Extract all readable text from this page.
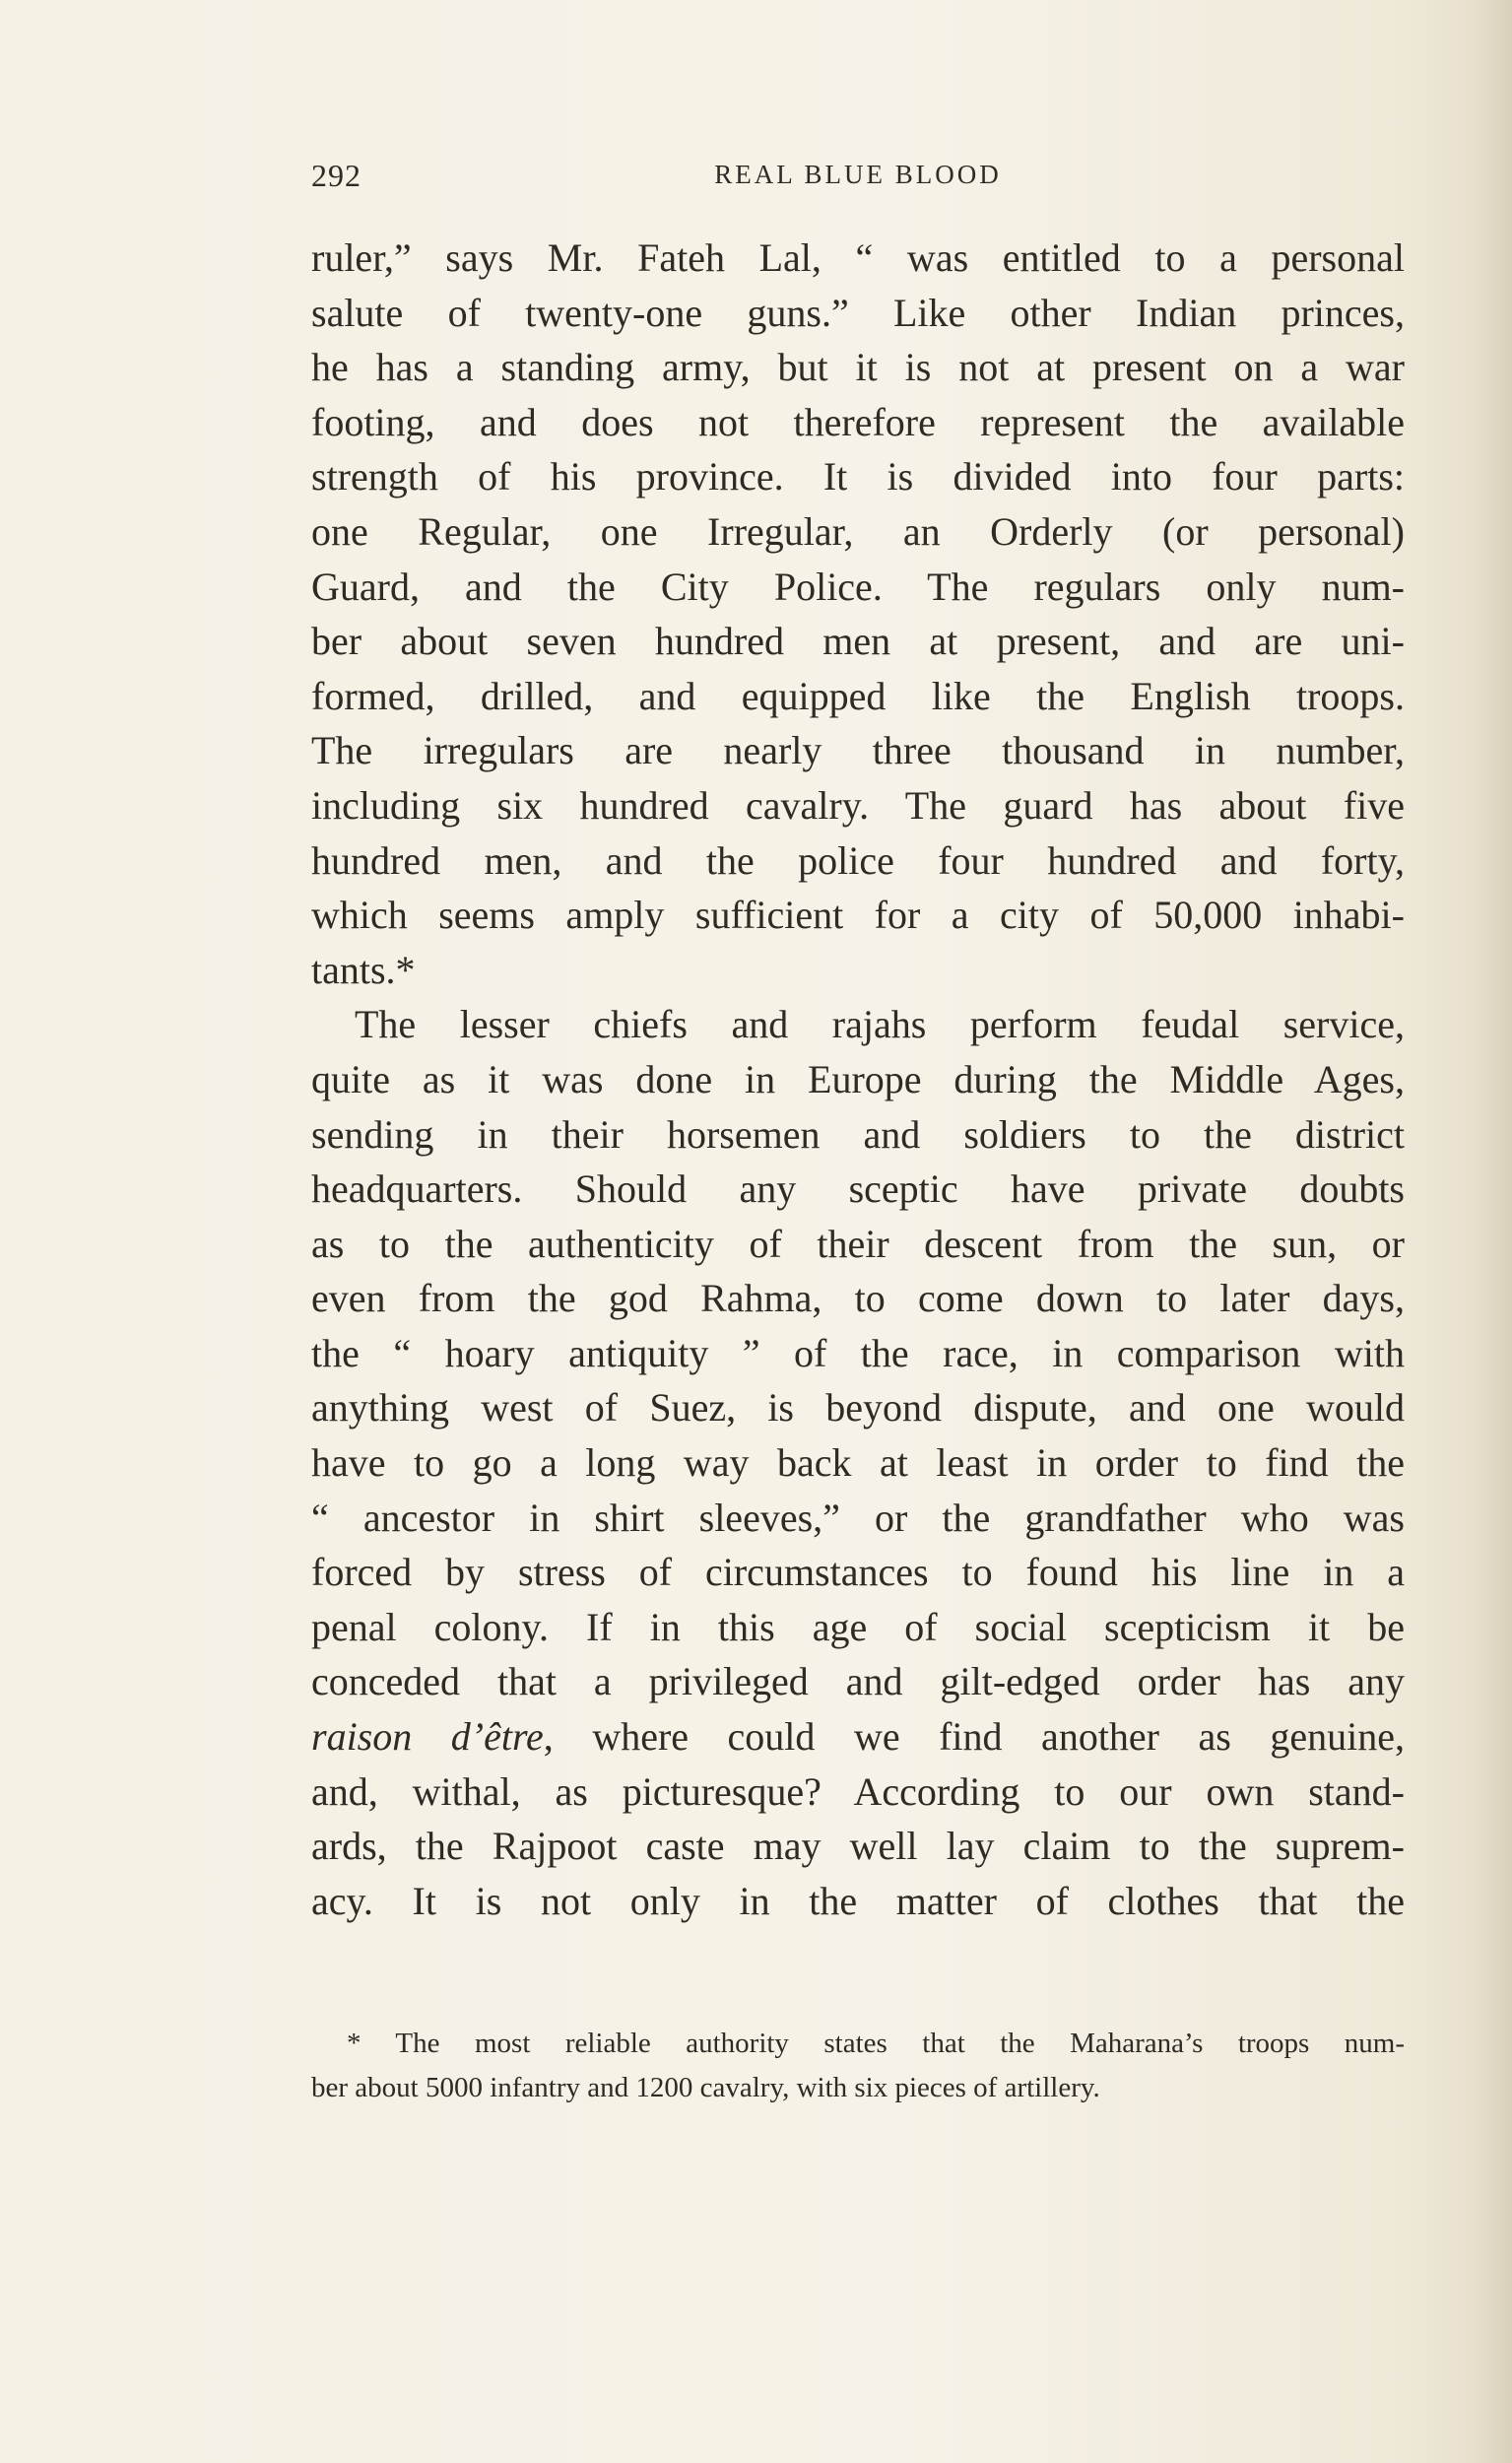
292	REAL BLUE BLOOD
ruler,” says Mr. Fateh Lal, “ was entitled to a personal
salute of twenty-one guns.” Like other Indian princes,
he has a standing army, but it is not at present on a war
footing, and does not therefore represent the available
strength of his province. It is divided into four parts:
one Regular, one Irregular, an Orderly (or personal)
Guard, and the City Police. The regulars only num-
ber about seven hundred men at present, and are uni-
formed, drilled, and equipped like the English troops.
The irregulars are nearly three thousand in number,
including six hundred cavalry. The guard has about five
hundred men, and the police four hundred and forty,
which seems amply sufficient for a city of 50,000 inhabi-
tants.*
The lesser chiefs and rajahs perform feudal service,
quite as it was done in Europe during the Middle Ages,
sending in their horsemen and soldiers to the district
headquarters. Should any sceptic have private doubts
as to the authenticity of their descent from the sun, or
even from the god Rahma, to come down to later days,
the “ hoary antiquity ” of the race, in comparison with
anything west of Suez, is beyond dispute, and one would
have to go a long way back at least in order to find the
“ ancestor in shirt sleeves,” or the grandfather who was
forced by stress of circumstances to found his line in a
penal colony. If in this age of social scepticism it be
conceded that a privileged and gilt-edged order has any
raison d’être, where could we find another as genuine,
and, withal, as picturesque? According to our own stand-
ards, the Rajpoot caste may well lay claim to the suprem-
acy. It is not only in the matter of clothes that the
* The most reliable authority states that the Maharana’s troops num-
ber about 5000 infantry and 1200 cavalry, with six pieces of artillery.
